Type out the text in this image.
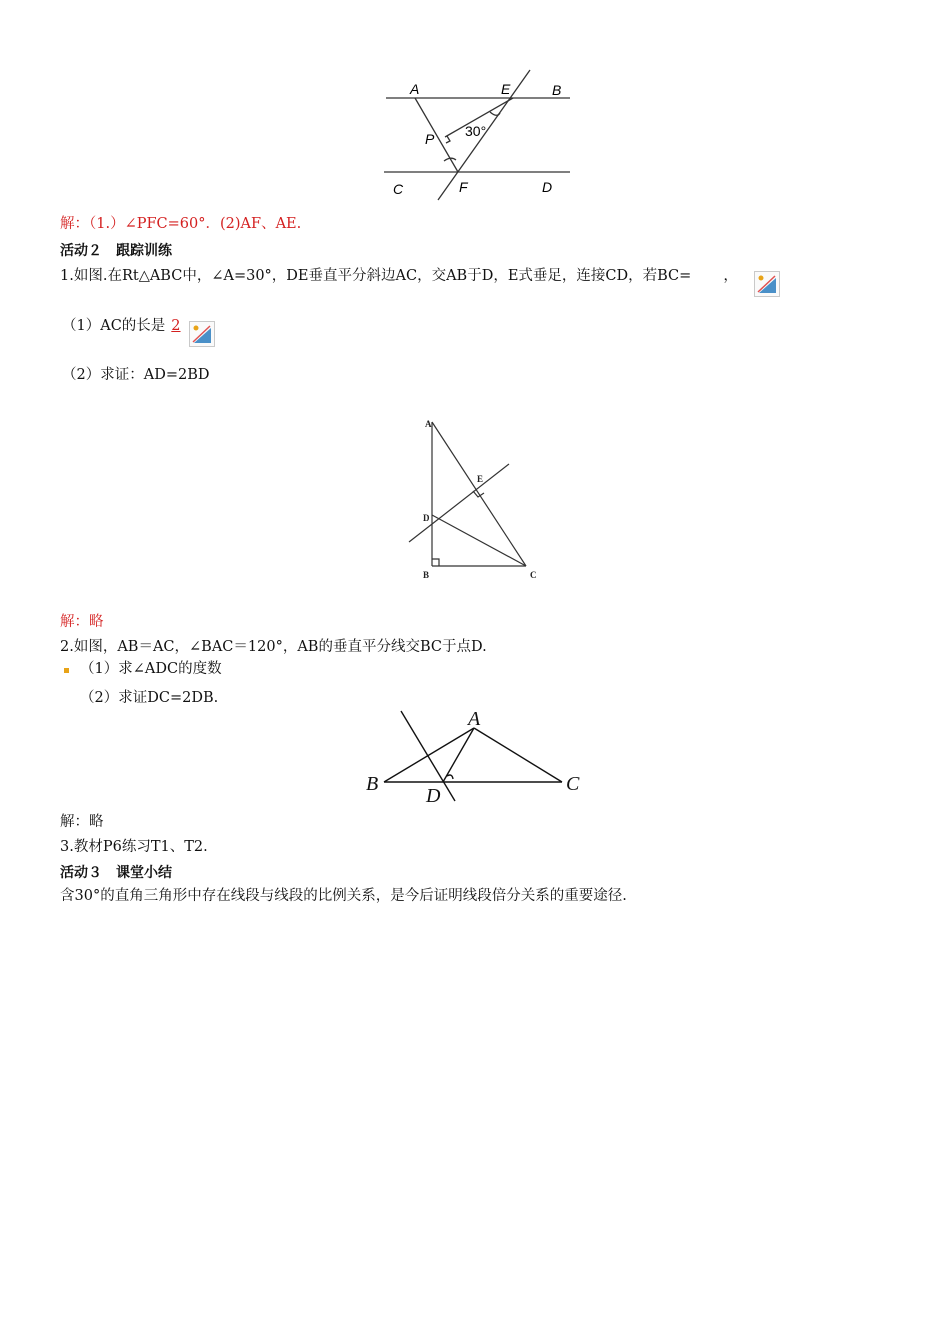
A	E	B
P 30°
C	F	D
解：（1.）∠PFC=60°．(2)AF、AE.
活动２　跟踪训练
1.如图.在Rt△ABC中，∠A=30°，DE垂直平分斜边AC，交AB于D，E式垂足，连接CD，若BC= ，
（1）AC的长是 2
（2）求证：AD=2BD
A
E
D
B	C
解：略
2.如图，AB＝AC，∠BAC＝120°，AB的垂直平分线交BC于点D.
（1）求∠ADC的度数
（2）求证DC=2DB.
A
B
D
C
解：略
3.教材P6练习T1、T2.
活动３　课堂小结
含30°的直角三角形中存在线段与线段的比例关系，是今后证明线段倍分关系的重要途径.
